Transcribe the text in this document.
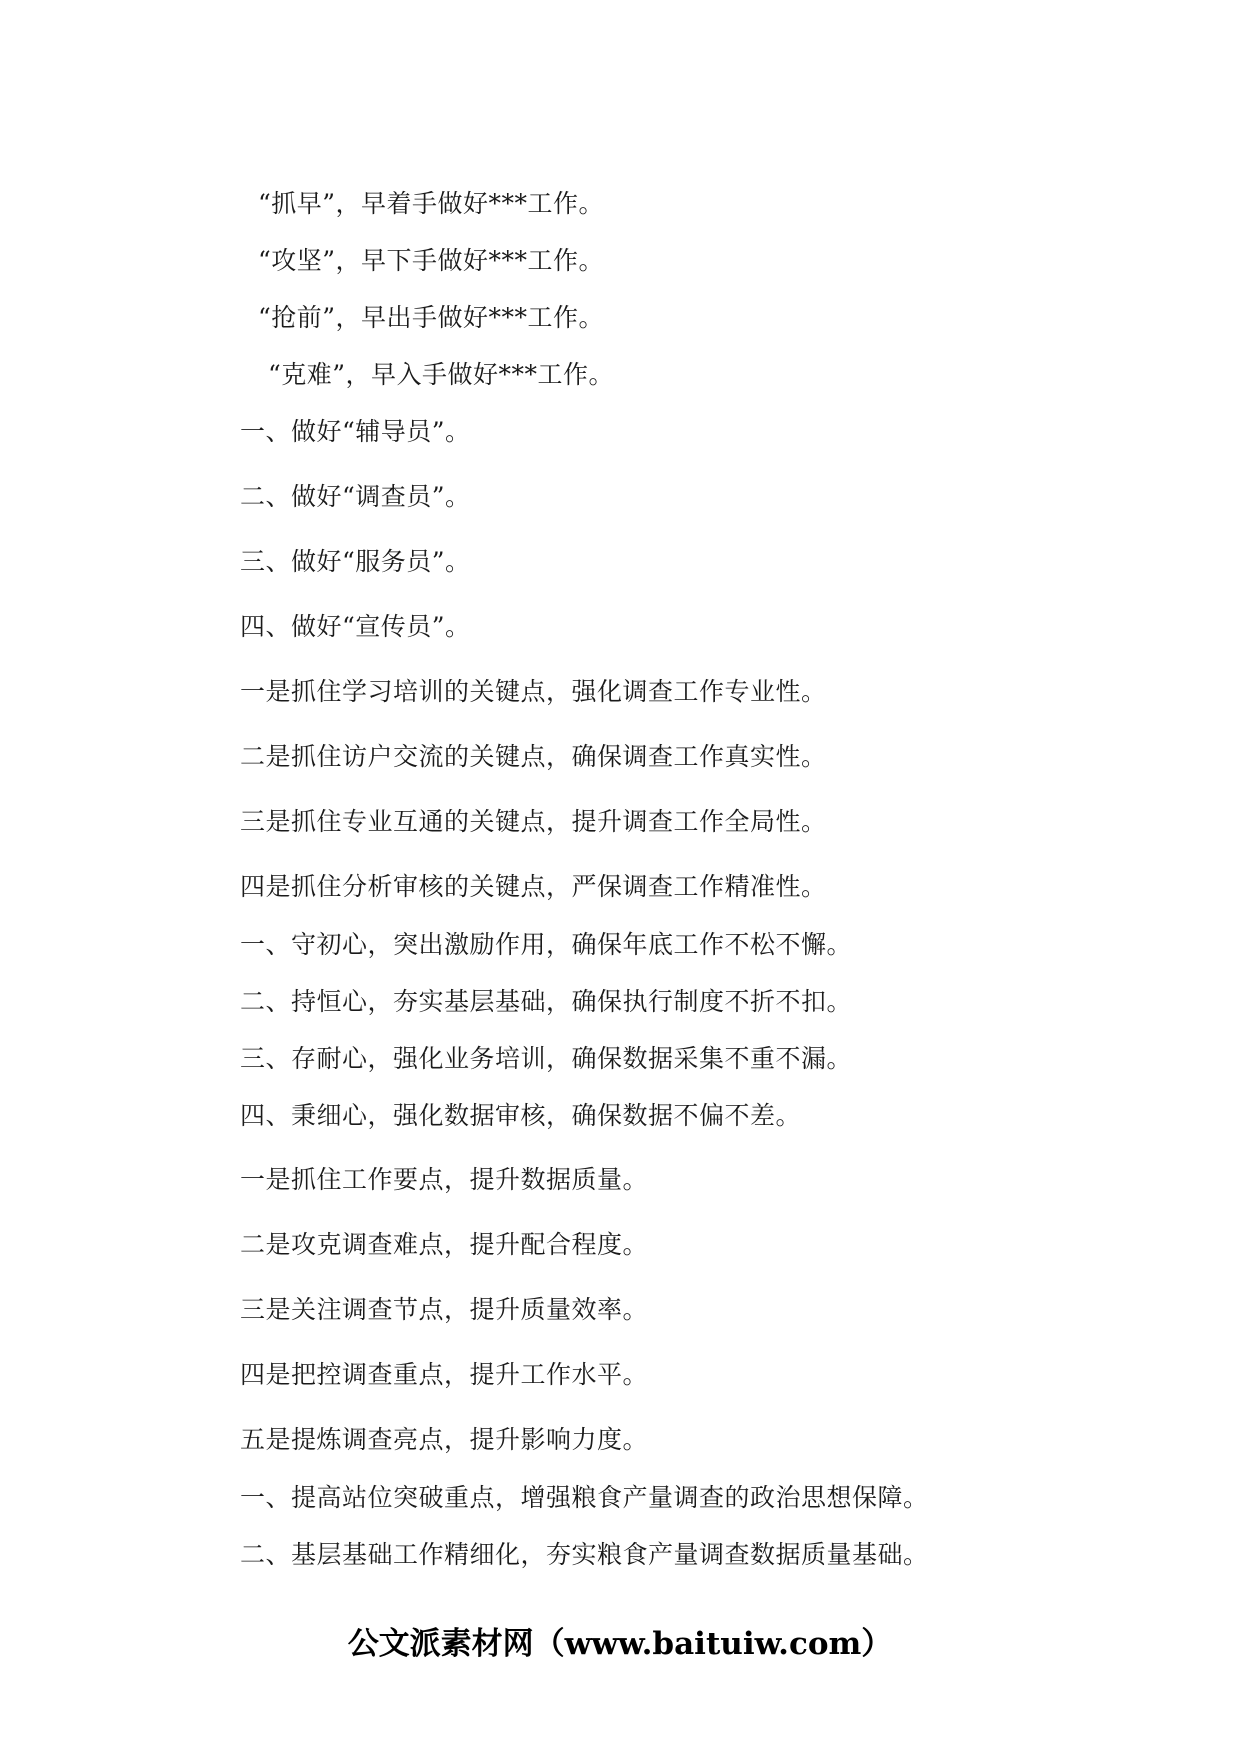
“抓早”，早着手做好***工作。
“攻坚”，早下手做好***工作。
“抢前”，早出手做好***工作。
“克难”，早入手做好***工作。
一、做好“辅导员”。
二、做好“调查员”。
三、做好“服务员”。
四、做好“宣传员”。
一是抓住学习培训的关键点，强化调查工作专业性。
二是抓住访户交流的关键点，确保调查工作真实性。
三是抓住专业互通的关键点，提升调查工作全局性。
四是抓住分析审核的关键点，严保调查工作精准性。
一、守初心，突出激励作用，确保年底工作不松不懈。
二、持恒心，夯实基层基础，确保执行制度不折不扣。
三、存耐心，强化业务培训，确保数据采集不重不漏。
四、秉细心，强化数据审核，确保数据不偏不差。
一是抓住工作要点，提升数据质量。
二是攻克调查难点，提升配合程度。
三是关注调查节点，提升质量效率。
四是把控调查重点，提升工作水平。
五是提炼调查亮点，提升影响力度。
一、提高站位突破重点，增强粮食产量调查的政治思想保障。
二、基层基础工作精细化，夯实粮食产量调查数据质量基础。
公文派素材网（www.baituiw.com）
